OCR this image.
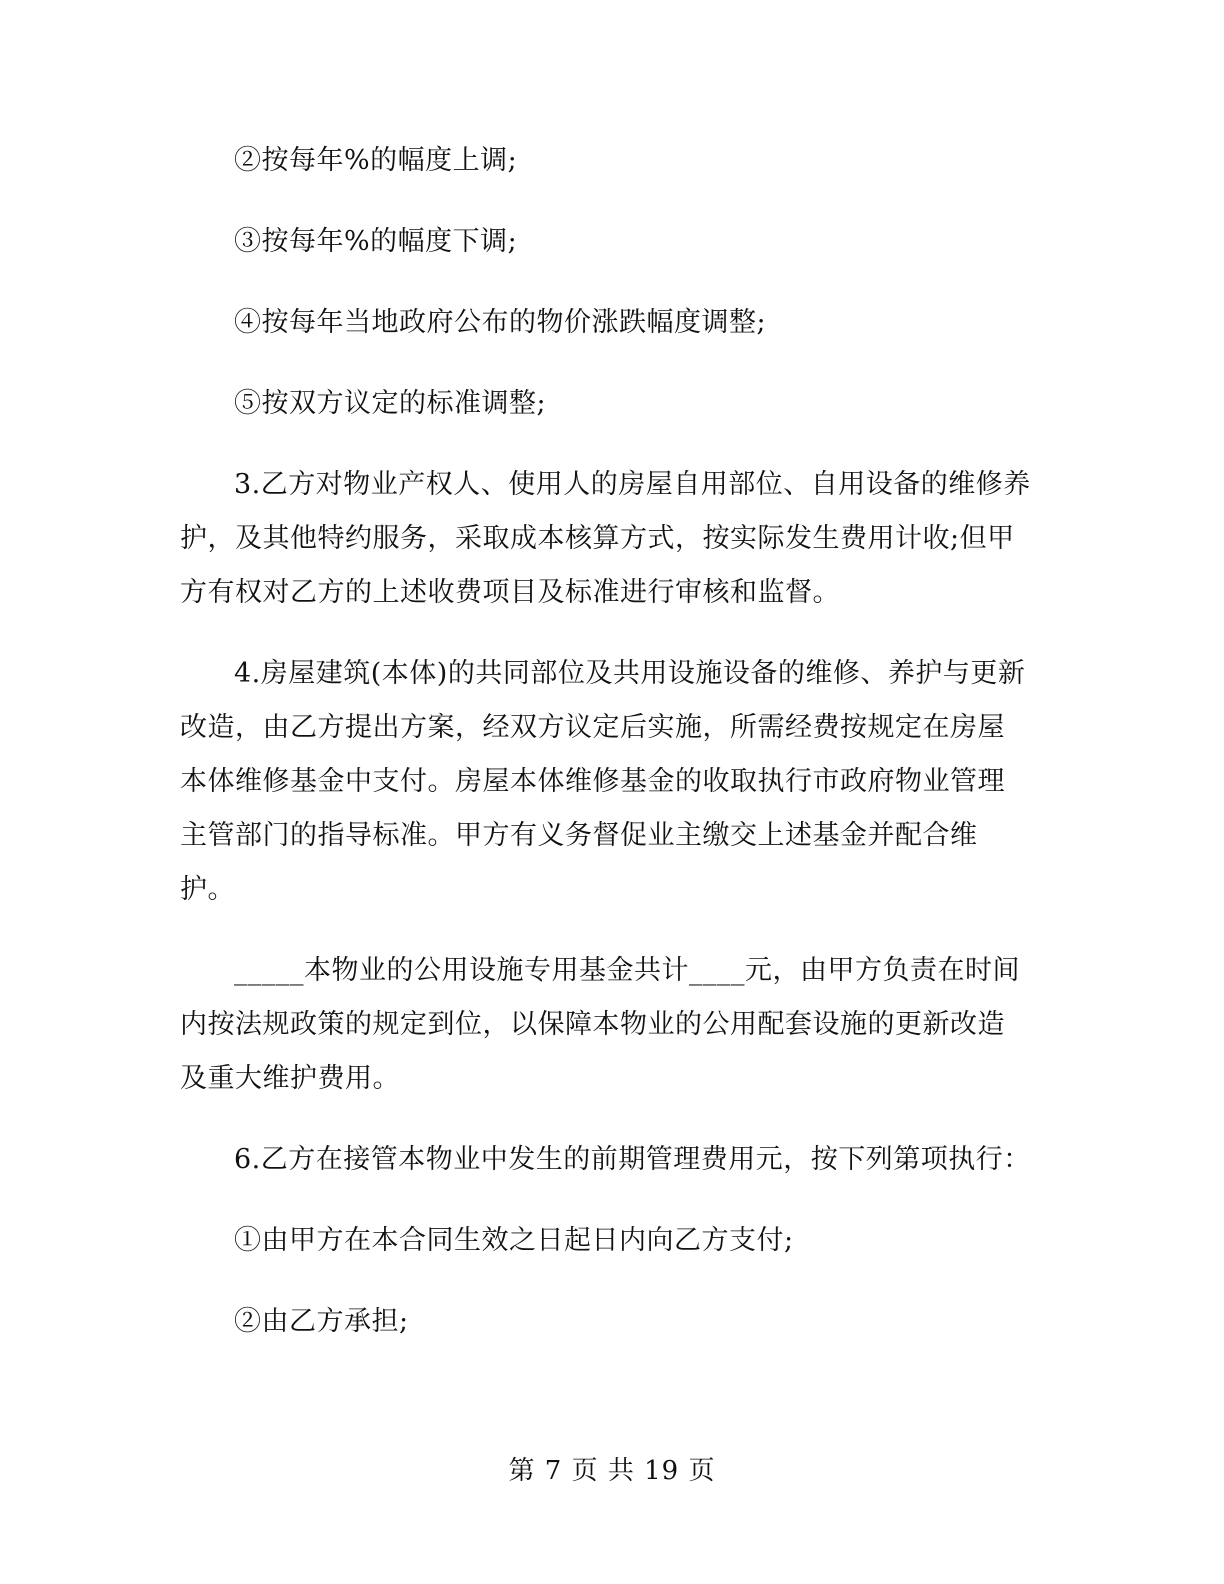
②按每年%的幅度上调;

③按每年%的幅度下调;

④按每年当地政府公布的物价涨跌幅度调整;

⑤按双方议定的标准调整;

3.乙方对物业产权人、使用人的房屋自用部位、自用设备的维修养护，及其他特约服务，采取成本核算方式，按实际发生费用计收;但甲方有权对乙方的上述收费项目及标准进行审核和监督。

4.房屋建筑(本体)的共同部位及共用设施设备的维修、养护与更新改造，由乙方提出方案，经双方议定后实施，所需经费按规定在房屋本体维修基金中支付。房屋本体维修基金的收取执行市政府物业管理主管部门的指导标准。甲方有义务督促业主缴交上述基金并配合维护。

_____本物业的公用设施专用基金共计____元，由甲方负责在时间内按法规政策的规定到位，以保障本物业的公用配套设施的更新改造及重大维护费用。

6.乙方在接管本物业中发生的前期管理费用元，按下列第项执行：

①由甲方在本合同生效之日起日内向乙方支付;

②由乙方承担;

第 7 页 共 19 页
